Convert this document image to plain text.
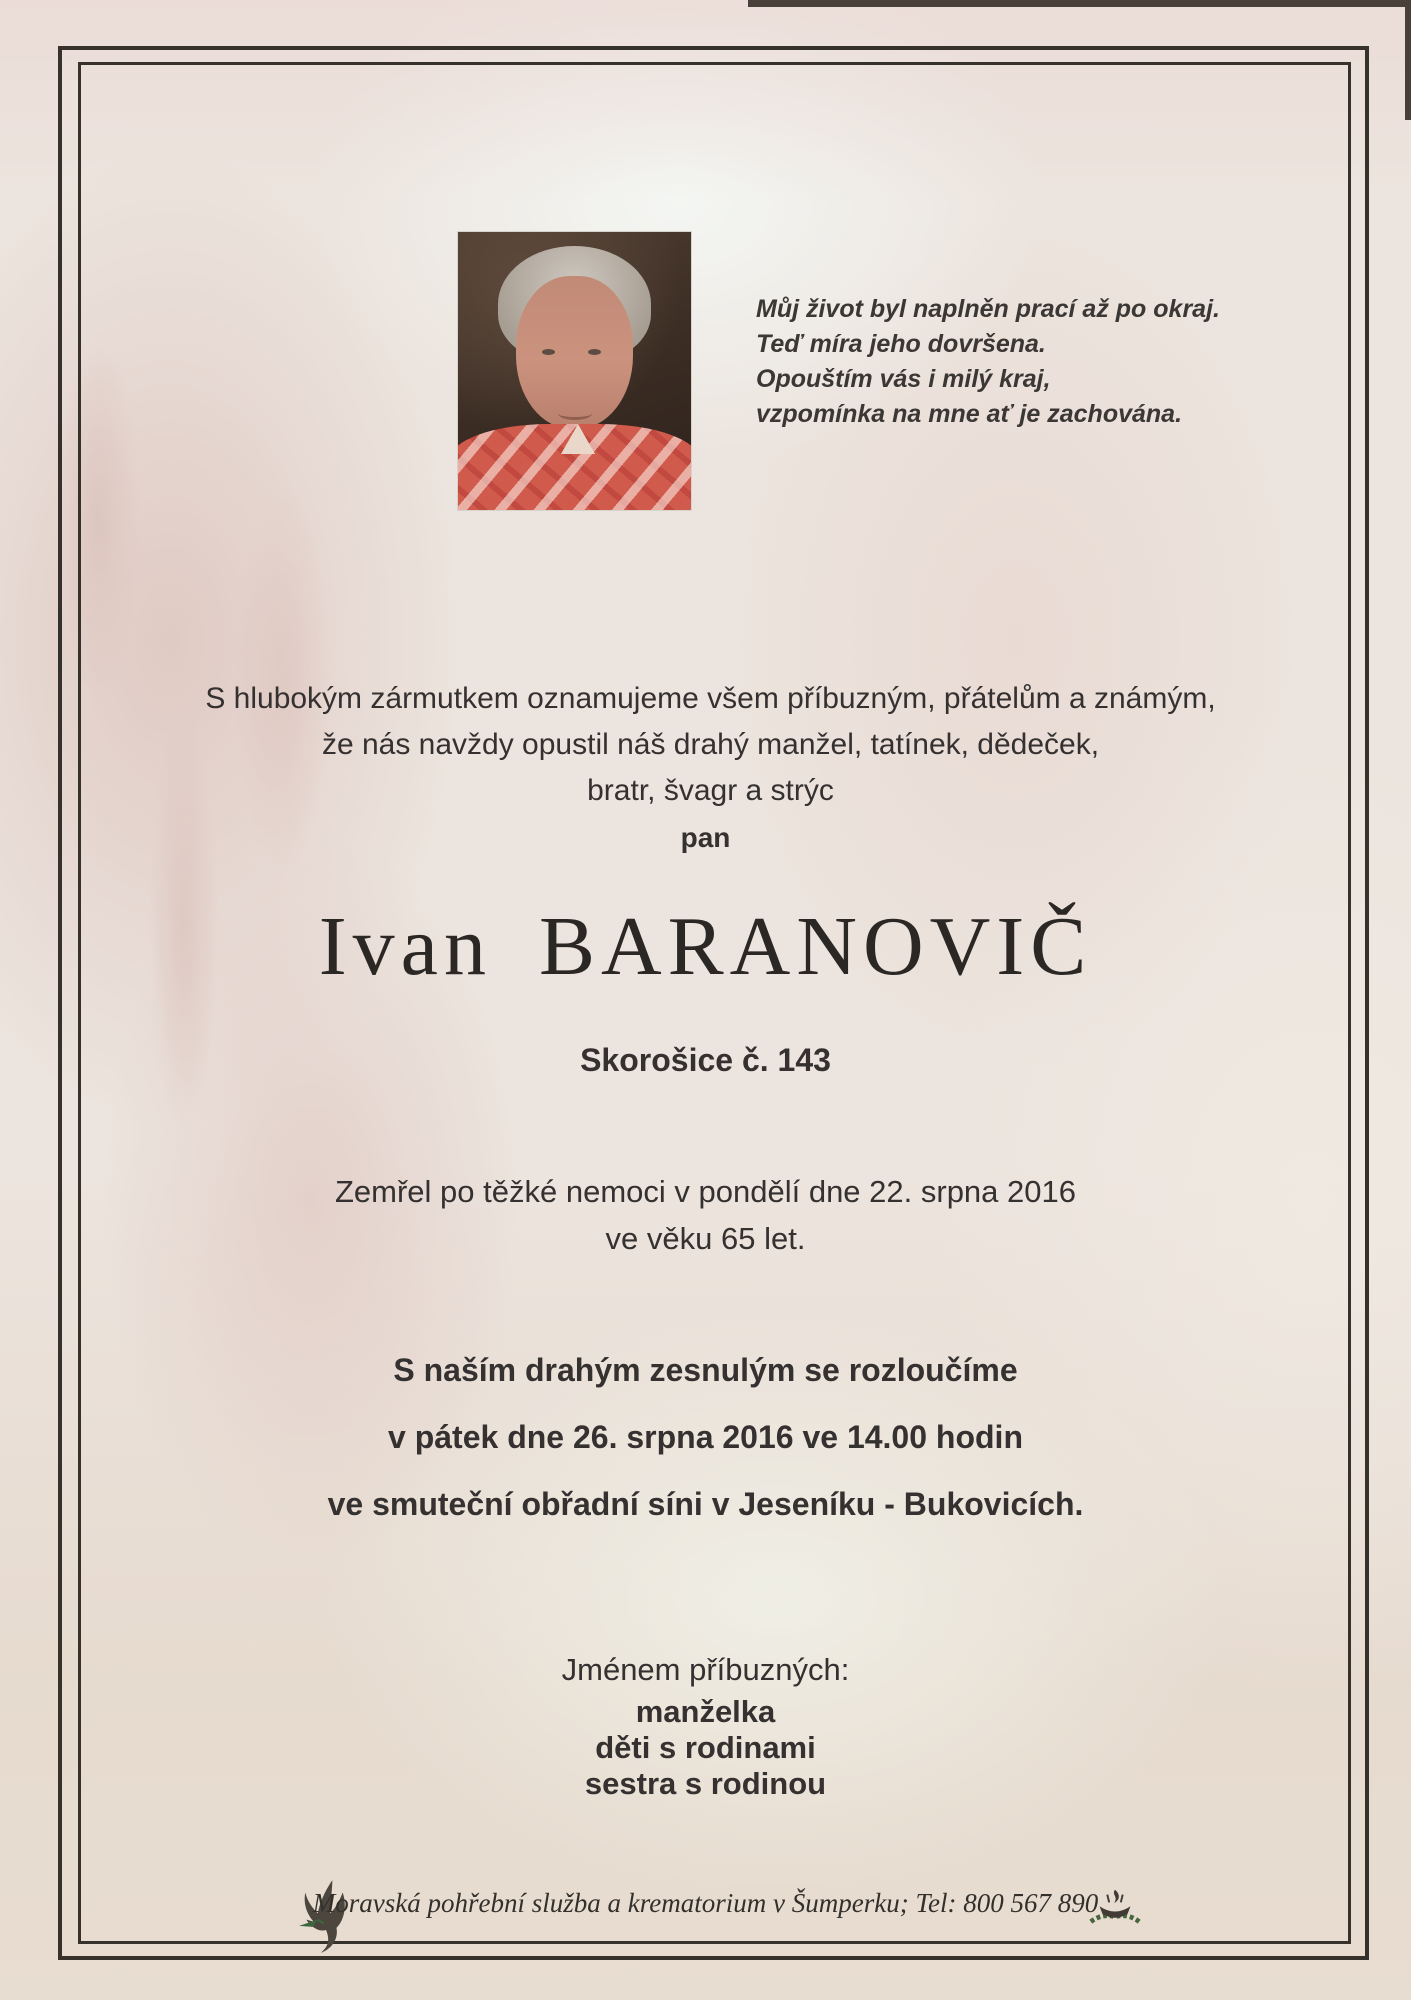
Můj život byl naplněn prací až po okraj.
Teď míra jeho dovršena.
Opouštím vás i milý kraj,
vzpomínka na mne ať je zachována.
S hlubokým zármutkem oznamujeme všem příbuzným, přátelům a známým,
že nás navždy opustil náš drahý manžel, tatínek, dědeček,
bratr, švagr a strýc
pan
Ivan BARANOVIČ
Skorošice č. 143
Zemřel po těžké nemoci v pondělí dne 22. srpna 2016
ve věku 65 let.

S naším drahým zesnulým se rozloučíme

v pátek dne 26. srpna 2016 ve 14.00 hodin

ve smuteční obřadní síni v Jeseníku - Bukovicích.

Jménem příbuzných:
manželka
děti s rodinami
sestra s rodinou
Moravská pohřební služba a krematorium v Šumperku; Tel: 800 567 890
